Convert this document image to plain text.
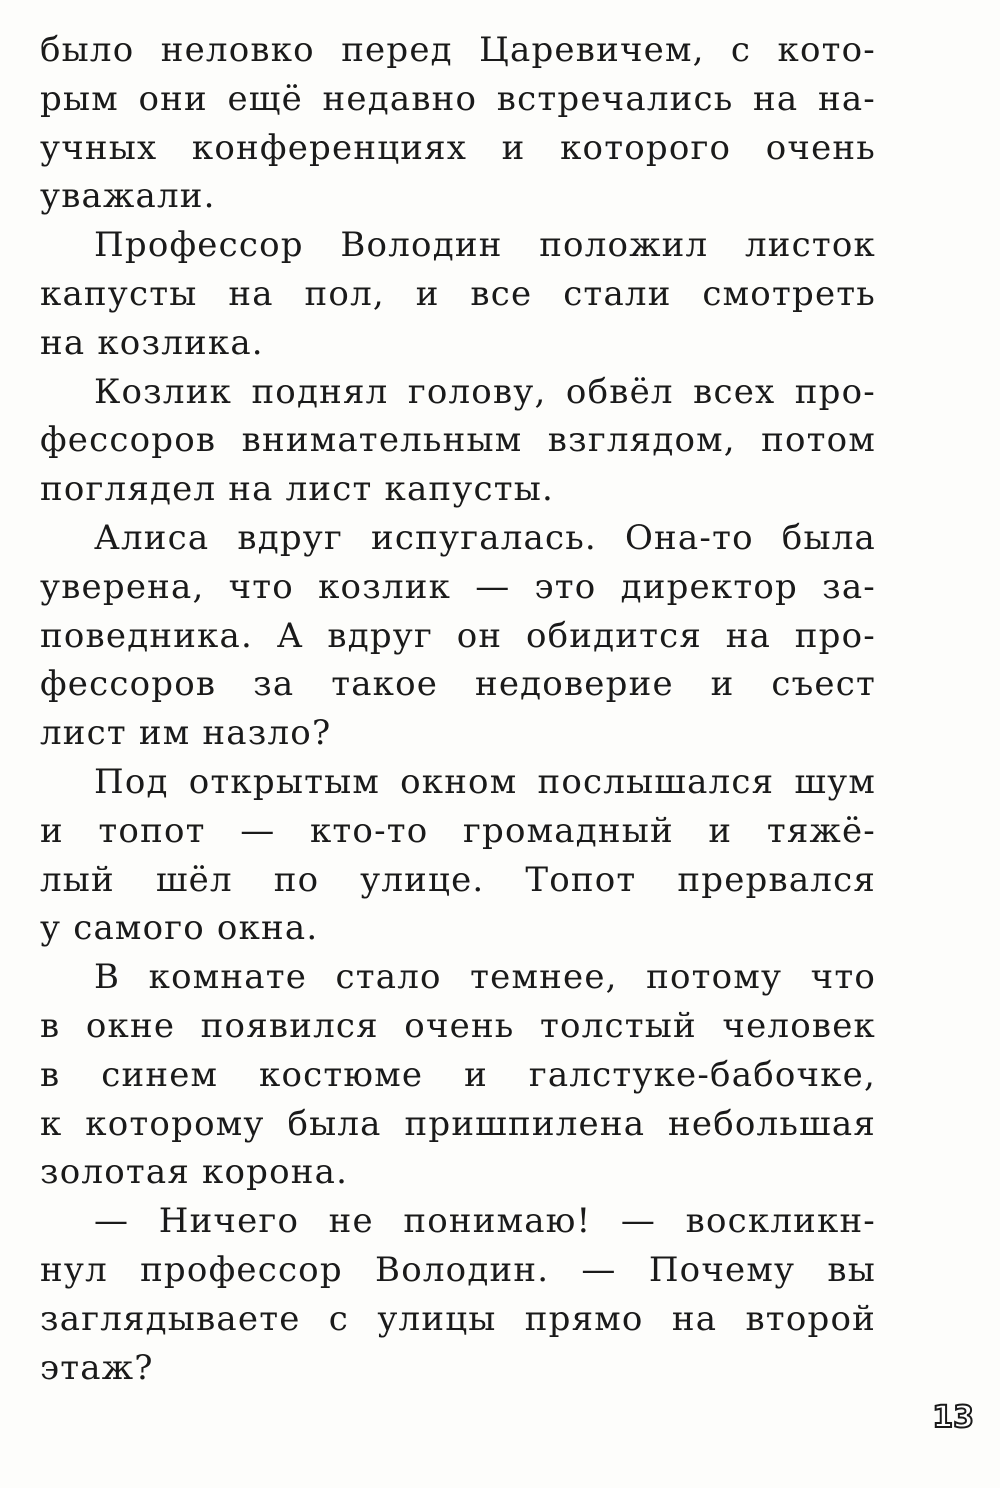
было неловко перед Царевичем, с кото-
рым они ещё недавно встречались на на-
учных конференциях и которого очень
уважали.
Профессор Володин положил листок
капусты на пол, и все стали смотреть
на козлика.
Козлик поднял голову, обвёл всех про-
фессоров внимательным взглядом, потом
поглядел на лист капусты.
Алиса вдруг испугалась. Она-то была
уверена, что козлик — это директор за-
поведника. А вдруг он обидится на про-
фессоров за такое недоверие и съест
лист им назло?
Под открытым окном послышался шум
и топот — кто-то громадный и тяжё-
лый шёл по улице. Топот прервался
у самого окна.
В комнате стало темнее, потому что
в окне появился очень толстый человек
в синем костюме и галстуке-бабочке,
к которому была пришпилена небольшая
золотая корона.
— Ничего не понимаю! — воскликн-
нул профессор Володин. — Почему вы
заглядываете с улицы прямо на второй
этаж?
13
